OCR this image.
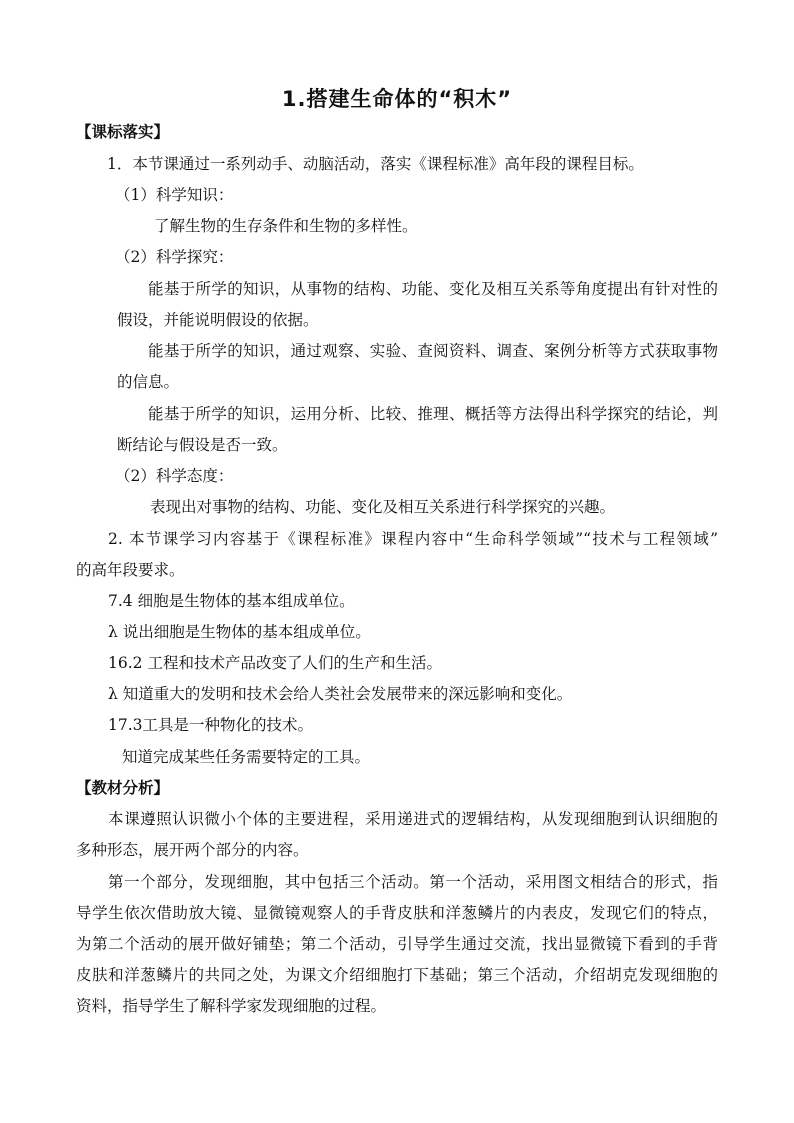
1.搭建生命体的“积木”
【课标落实】
1．本节课通过一系列动手、动脑活动，落实《课程标准》高年段的课程目标。
（1）科学知识：
了解生物的生存条件和生物的多样性。
（2）科学探究：
能基于所学的知识，从事物的结构、功能、变化及相互关系等角度提出有针对性的
假设，并能说明假设的依据。
能基于所学的知识，通过观察、实验、查阅资料、调查、案例分析等方式获取事物
的信息。
能基于所学的知识，运用分析、比较、推理、概括等方法得出科学探究的结论，判
断结论与假设是否一致。
（2）科学态度：
表现出对事物的结构、功能、变化及相互关系进行科学探究的兴趣。
2. 本节课学习内容基于《课程标准》课程内容中“生命科学领域”“技术与工程领域”
的高年段要求。
7.4 细胞是生物体的基本组成单位。
λ 说出细胞是生物体的基本组成单位。
16.2 工程和技术产品改变了人们的生产和生活。
λ 知道重大的发明和技术会给人类社会发展带来的深远影响和变化。
17.3工具是一种物化的技术。
知道完成某些任务需要特定的工具。
【教材分析】
本课遵照认识微小个体的主要进程，采用递进式的逻辑结构，从发现细胞到认识细胞的
多种形态，展开两个部分的内容。
第一个部分，发现细胞，其中包括三个活动。第一个活动，采用图文相结合的形式，指
导学生依次借助放大镜、显微镜观察人的手背皮肤和洋葱鳞片的内表皮，发现它们的特点，
为第二个活动的展开做好铺垫；第二个活动，引导学生通过交流，找出显微镜下看到的手背
皮肤和洋葱鳞片的共同之处，为课文介绍细胞打下基础；第三个活动，介绍胡克发现细胞的
资料，指导学生了解科学家发现细胞的过程。
